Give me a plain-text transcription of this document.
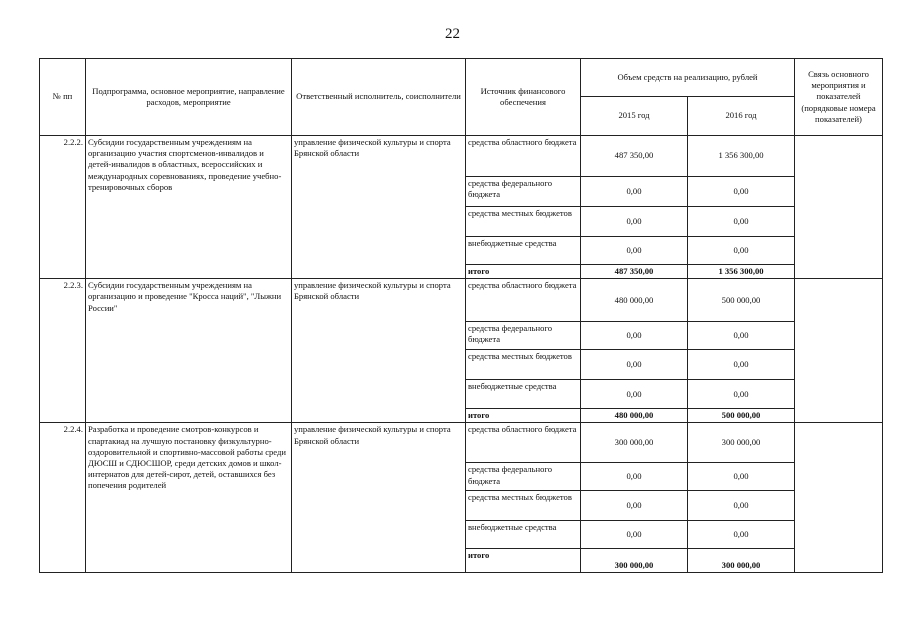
22
№ пп	Подпрограмма, основное мероприятие, направление расходов, мероприятие	Ответственный исполнитель, соисполнители	Источник финансового обеспечения	Объем средств на реализацию, рублей		Связь основного мероприятия и показателей (порядковые номера показателей)
				2015 год	2016 год	
2.2.2.	Субсидии государственным учреждениям на организацию участия спортсменов-инвалидов и детей-инвалидов в областных, всероссийских и международных соревнованиях, проведение учебно-тренировочных сборов	управление физической культуры и спорта Брянской области	средства областного бюджета	487 350,00	1 356 300,00	
			средства федерального бюджета	0,00	0,00	
			средства местных бюджетов	0,00	0,00	
			внебюджетные средства	0,00	0,00	
			итого	487 350,00	1 356 300,00	
2.2.3.	Субсидии государственным учреждениям на организацию и проведение "Кросса наций", "Лыжни России"	управление физической культуры и спорта Брянской области	средства областного бюджета	480 000,00	500 000,00	
			средства федерального бюджета	0,00	0,00	
			средства местных бюджетов	0,00	0,00	
			внебюджетные средства	0,00	0,00	
			итого	480 000,00	500 000,00	
2.2.4.	Разработка и проведение смотров-конкурсов и спартакиад на лучшую постановку физкультурно-оздоровительной и спортивно-массовой работы среди ДЮСШ и СДЮСШОР, среди детских домов и школ-интернатов для детей-сирот, детей, оставшихся без попечения родителей	управление физической культуры и спорта Брянской области	средства областного бюджета	300 000,00	300 000,00	
			средства федерального бюджета	0,00	0,00	
			средства местных бюджетов	0,00	0,00	
			внебюджетные средства	0,00	0,00	
			итого	300 000,00	300 000,00	
